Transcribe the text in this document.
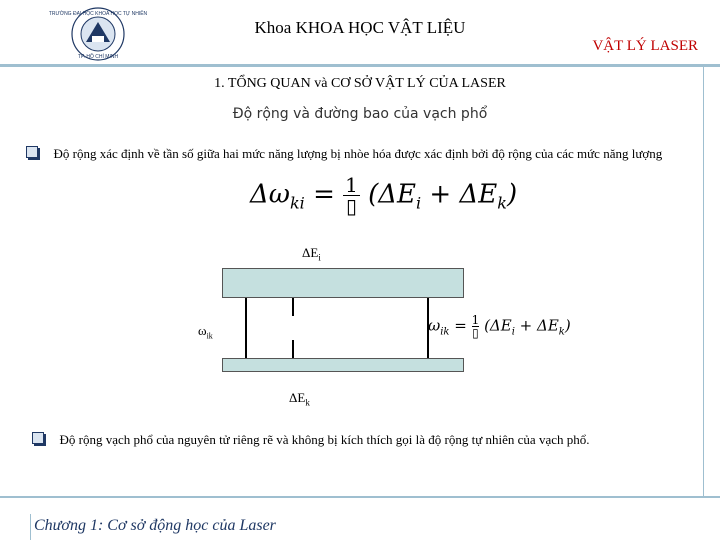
TRƯỜNG ĐẠI HỌC KHOA HỌC TỰ NHIÊN
TP. HỒ CHÍ MINH
Khoa KHOA HỌC VẬT LIỆU
VẬT LÝ LASER
1. TỔNG QUAN và CƠ SỞ VẬT LÝ CỦA LASER
Độ rộng và đường bao của vạch phổ
Độ rộng xác định về tần số giữa hai mức năng lượng bị nhòe hóa được xác định bởi độ rộng của các mức năng lượng
$\Delta\omega_{ki} = 1$
▯ $(\Delta E_i + \Delta E_k)$
$\Delta E_i$
$\omega_{ik}$
$\omega_{ik} = 1$
▯ $(\Delta E_i + \Delta E_k)$
$\Delta E_k$
Độ rộng vạch phổ của nguyên tử riêng rẽ và không bị kích thích gọi là độ rộng tự nhiên của vạch phổ.
Chương 1: Cơ sở động học của Laser
